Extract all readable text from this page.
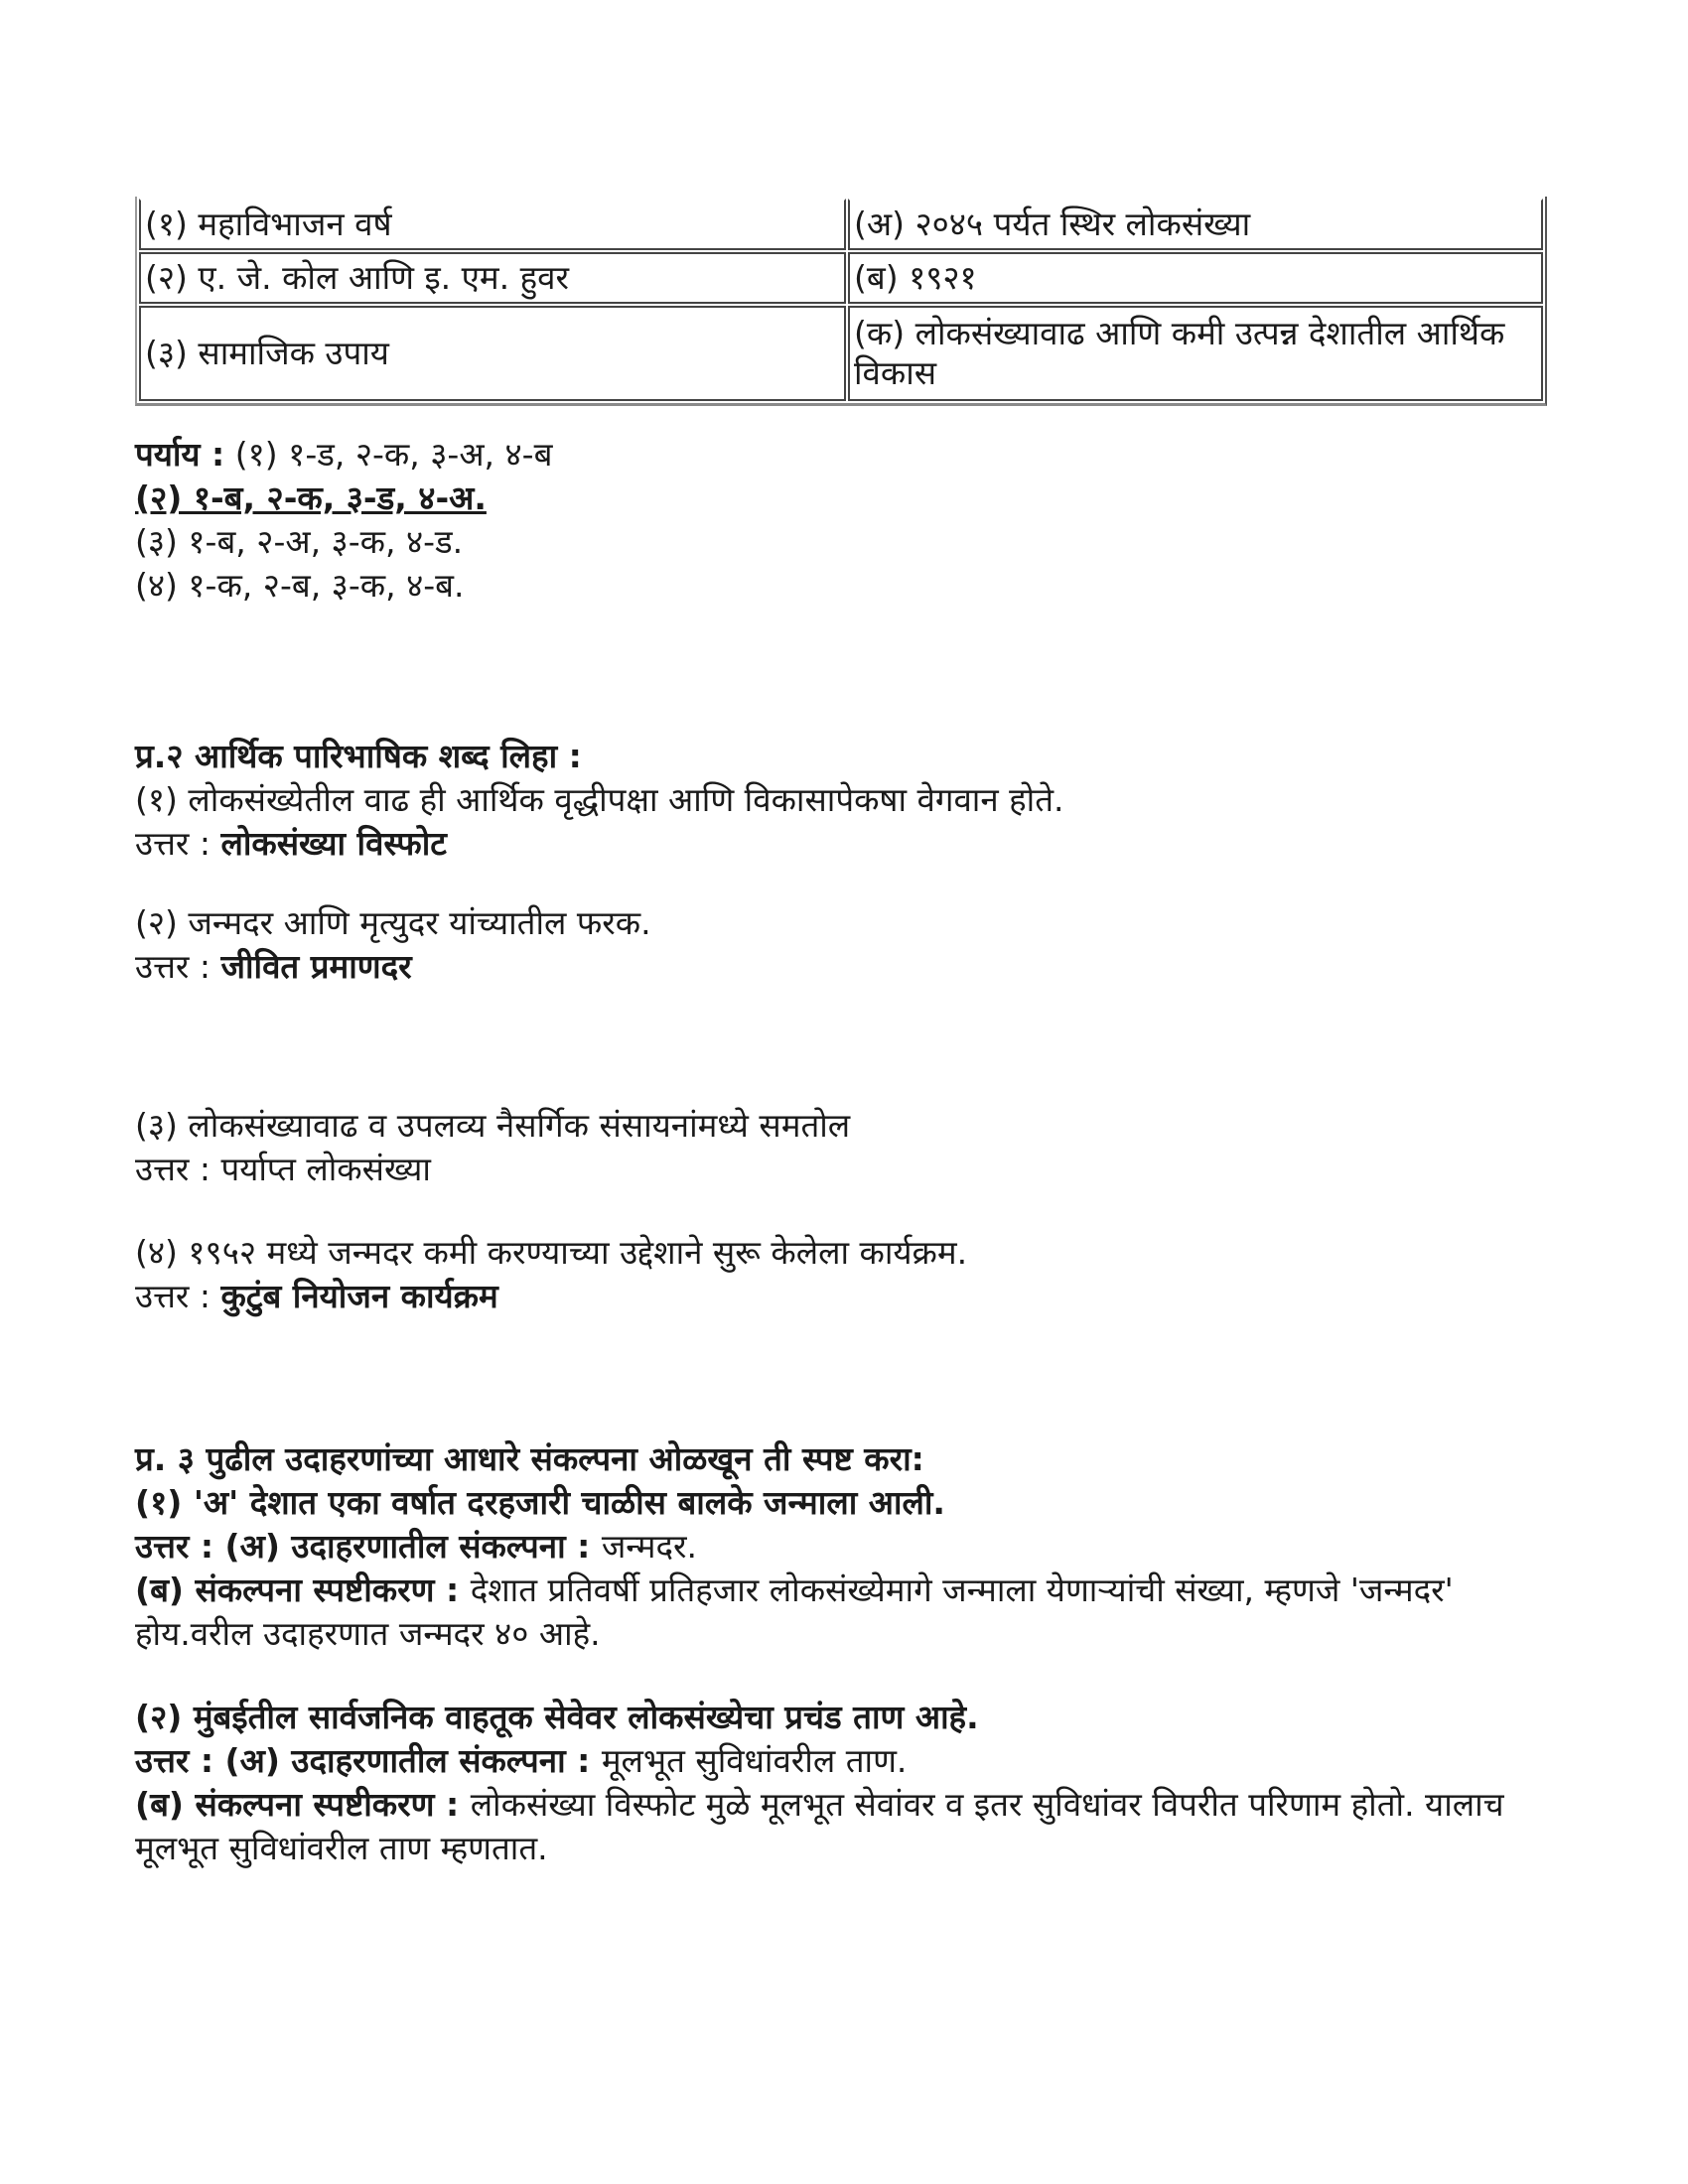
(१) महाविभाजन वर्ष	(अ) २०४५ पर्यत स्थिर लोकसंख्या
(२) ए. जे. कोल आणि इ. एम. हुवर	(ब) १९२१
(३) सामाजिक उपाय	(क) लोकसंख्यावाढ आणि कमी उत्पन्न देशातील आर्थिक विकास
पर्याय : (१) १-ड, २-क, ३-अ, ४-ब
(२) १-ब, २-क, ३-ड, ४-अ.
(३) १-ब, २-अ, ३-क, ४-ड.
(४) १-क, २-ब, ३-क, ४-ब.
प्र.२ आर्थिक पारिभाषिक शब्द लिहा :
(१) लोकसंख्येतील वाढ ही आर्थिक वृद्धीपक्षा आणि विकासापेकषा वेगवान होते.
उत्तर : लोकसंख्या विस्फोट
(२) जन्मदर आणि मृत्युदर यांच्यातील फरक.
उत्तर : जीवित प्रमाणदर
(३) लोकसंख्यावाढ व उपलव्य नैसर्गिक संसायनांमध्ये समतोल
उत्तर : पर्याप्त लोकसंख्या
(४) १९५२ मध्ये जन्मदर कमी करण्याच्या उद्देशाने सुरू केलेला कार्यक्रम.
उत्तर : कुटुंब नियोजन कार्यक्रम
प्र. ३ पुढील उदाहरणांच्या आधारे संकल्पना ओळखून ती स्पष्ट करा:
(१) 'अ' देशात एका वर्षात दरहजारी चाळीस बालके जन्माला आली.
उत्तर : (अ) उदाहरणातील संकल्पना : जन्मदर.
(ब) संकल्पना स्पष्टीकरण : देशात प्रतिवर्षी प्रतिहजार लोकसंख्येमागे जन्माला येणाऱ्यांची संख्या, म्हणजे 'जन्मदर' होय.वरील उदाहरणात जन्मदर ४० आहे.
(२) मुंबईतील सार्वजनिक वाहतूक सेवेवर लोकसंख्येचा प्रचंड ताण आहे.
उत्तर : (अ) उदाहरणातील संकल्पना : मूलभूत सुविधांवरील ताण.
(ब) संकल्पना स्पष्टीकरण : लोकसंख्या विस्फोट मुळे मूलभूत सेवांवर व इतर सुविधांवर विपरीत परिणाम होतो. यालाच मूलभूत सुविधांवरील ताण म्हणतात.
